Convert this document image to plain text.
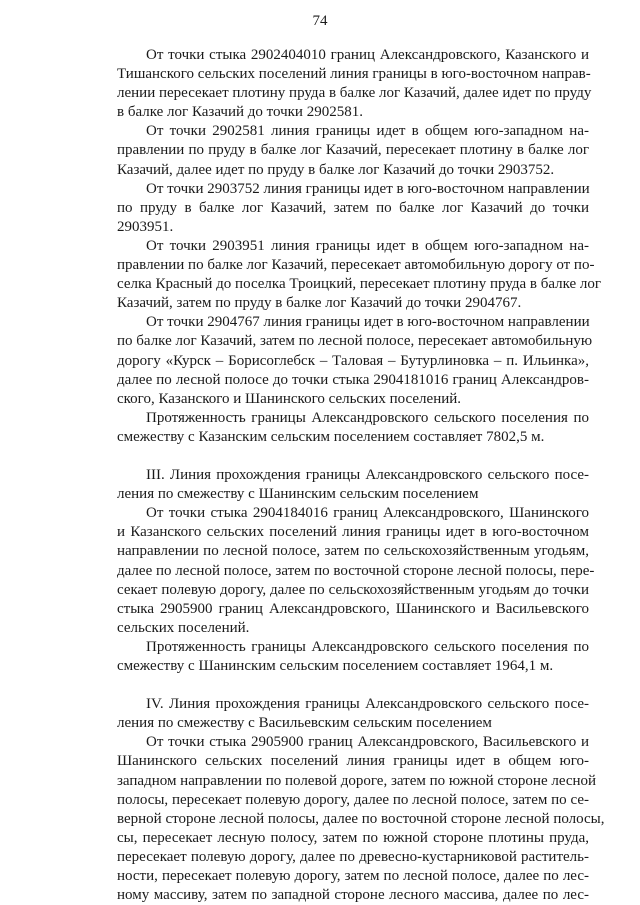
74
От точки стыка 2902404010 границ Александровского, Казанского и
Тишанского сельских поселений линия границы в юго-восточном направ-
лении пересекает плотину пруда в балке лог Казачий, далее идет по пруду
в балке лог Казачий до точки 2902581.
От точки 2902581 линия границы идет в общем юго-западном на-
правлении по пруду в балке лог Казачий, пересекает плотину в балке лог
Казачий, далее идет по пруду в балке лог Казачий до точки 2903752.
От точки 2903752 линия границы идет в юго-восточном направлении
по пруду в балке лог Казачий, затем по балке лог Казачий до точки
2903951.
От точки 2903951 линия границы идет в общем юго-западном на-
правлении по балке лог Казачий, пересекает автомобильную дорогу от по-
селка Красный до поселка Троицкий, пересекает плотину пруда в балке лог
Казачий, затем по пруду в балке лог Казачий до точки 2904767.
От точки 2904767 линия границы идет в юго-восточном направлении
по балке лог Казачий, затем по лесной полосе, пересекает автомобильную
дорогу «Курск – Борисоглебск – Таловая – Бутурлиновка – п. Ильинка»,
далее по лесной полосе до точки стыка 2904181016 границ Александров-
ского, Казанского и Шанинского сельских поселений.
Протяженность границы Александровского сельского поселения по
смежеству с Казанским сельским поселением составляет 7802,5 м.
III. Линия прохождения границы Александровского сельского посе-
ления по смежеству с Шанинским сельским поселением
От точки стыка 2904184016 границ Александровского, Шанинского
и Казанского сельских поселений линия границы идет в юго-восточном
направлении по лесной полосе, затем по сельскохозяйственным угодьям,
далее по лесной полосе, затем по восточной стороне лесной полосы, пере-
секает полевую дорогу, далее по сельскохозяйственным угодьям до точки
стыка 2905900 границ Александровского, Шанинского и Васильевского
сельских поселений.
Протяженность границы Александровского сельского поселения по
смежеству с Шанинским сельским поселением составляет 1964,1 м.
IV. Линия прохождения границы Александровского сельского посе-
ления по смежеству с Васильевским сельским поселением
От точки стыка 2905900 границ Александровского, Васильевского и
Шанинского сельских поселений линия границы идет в общем юго-
западном направлении по полевой дороге, затем по южной стороне лесной
полосы, пересекает полевую дорогу, далее по лесной полосе, затем по се-
верной стороне лесной полосы, далее по восточной стороне лесной полосы,
сы, пересекает лесную полосу, затем по южной стороне плотины пруда,
пересекает полевую дорогу, далее по древесно-кустарниковой раститель-
ности, пересекает полевую дорогу, затем по лесной полосе, далее по лес-
ному массиву, затем по западной стороне лесного массива, далее по лес-
